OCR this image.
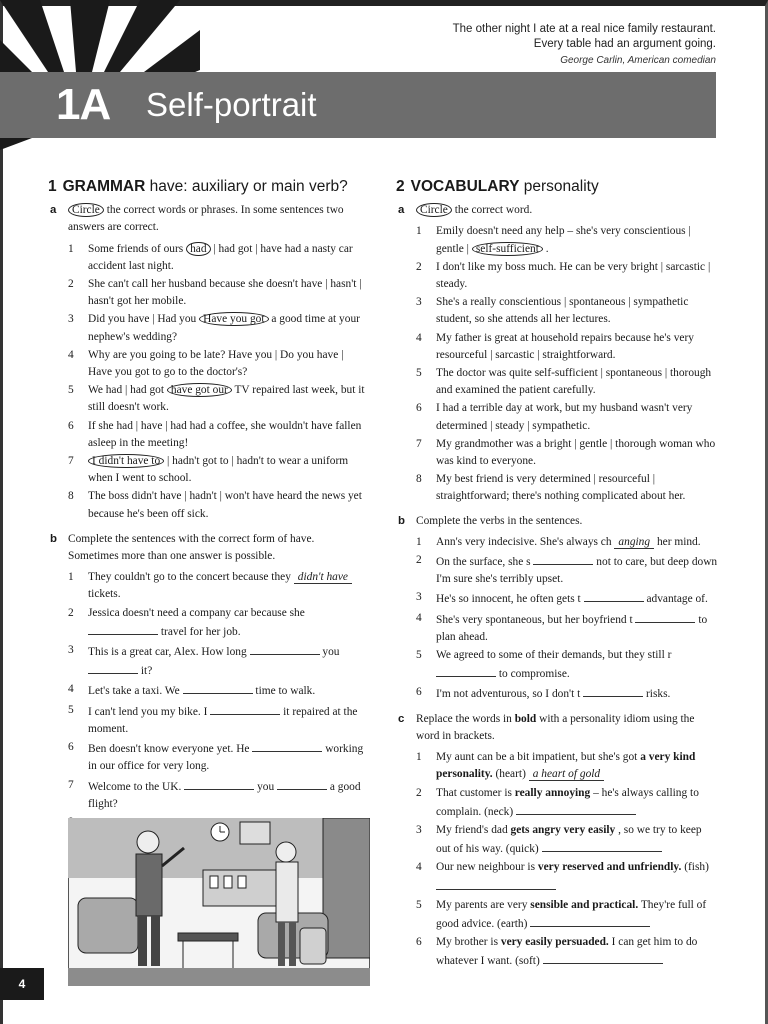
The other night I ate at a real nice family restaurant.
Every table had an argument going.
George Carlin, American comedian
1A Self-portrait
1 GRAMMAR have: auxiliary or main verb?
a Circle the correct words or phrases. In some sentences two answers are correct.
1 Some friends of ours had | had got | have had a nasty car accident last night.
2 She can't call her husband because she doesn't have | hasn't | hasn't got her mobile.
3 Did you have | Had you Have you got a good time at your nephew's wedding?
4 Why are you going to be late? Have you | Do you have | Have you got to go to the doctor's?
5 We had | had got have got our TV repaired last week, but it still doesn't work.
6 If she had | have | had had a coffee, she wouldn't have fallen asleep in the meeting!
7 I didn't have to | hadn't got to | hadn't to wear a uniform when I went to school.
8 The boss didn't have | hadn't | won't have heard the news yet because he's been off sick.
b Complete the sentences with the correct form of have. Sometimes more than one answer is possible.
1 They couldn't go to the concert because they didn't have tickets.
2 Jessica doesn't need a company car because she  travel for her job.
3 This is a great car, Alex. How long	you  it?
4 Let's take a taxi. We	time to walk.
5 I can't lend you my bike. I	it repaired at the moment.
6 Ben doesn't know everyone yet. He	working in our office for very long.
7 Welcome to the UK.	you	a good flight?

2 VOCABULARY personality
a Circle the correct word.
1 Emily doesn't need any help – she's very conscientious | gentle | self-sufficient .
2 I don't like my boss much. He can be very bright | sarcastic | steady.
3 She's a really conscientious | spontaneous | sympathetic student, so she attends all her lectures.
4 My father is great at household repairs because he's very resourceful | sarcastic | straightforward.
5 The doctor was quite self-sufficient | spontaneous | thorough and examined the patient carefully.
6 I had a terrible day at work, but my husband wasn't very determined | steady | sympathetic.
7 My grandmother was a bright | gentle | thorough woman who was kind to everyone.
8 My best friend is very determined | resourceful | straightforward; there's nothing complicated about her.
b Complete the verbs in the sentences.
1 Ann's very indecisive. She's always ch anging her mind.
2 On the surface, she s	not to care, but deep down I'm sure she's terribly upset.
3 He's so innocent, he often gets t	advantage of.
4 She's very spontaneous, but her boyfriend t	to plan ahead.
5 We agreed to some of their demands, but they still r  to compromise.
6 I'm not adventurous, so I don't t	risks.
c Replace the words in bold with a personality idiom using the word in brackets.
1 My aunt can be a bit impatient, but she's got a very kind personality. (heart) a heart of gold
2 That customer is really annoying – he's always calling to complain. (neck)
3 My friend's dad gets angry very easily , so we try to keep out of his way. (quick)
4 Our new neighbour is very reserved and unfriendly. (fish)
5 My parents are very sensible and practical. They're full of good advice. (earth)
6 My brother is very easily persuaded. I can get him to do whatever I want. (soft)
4
